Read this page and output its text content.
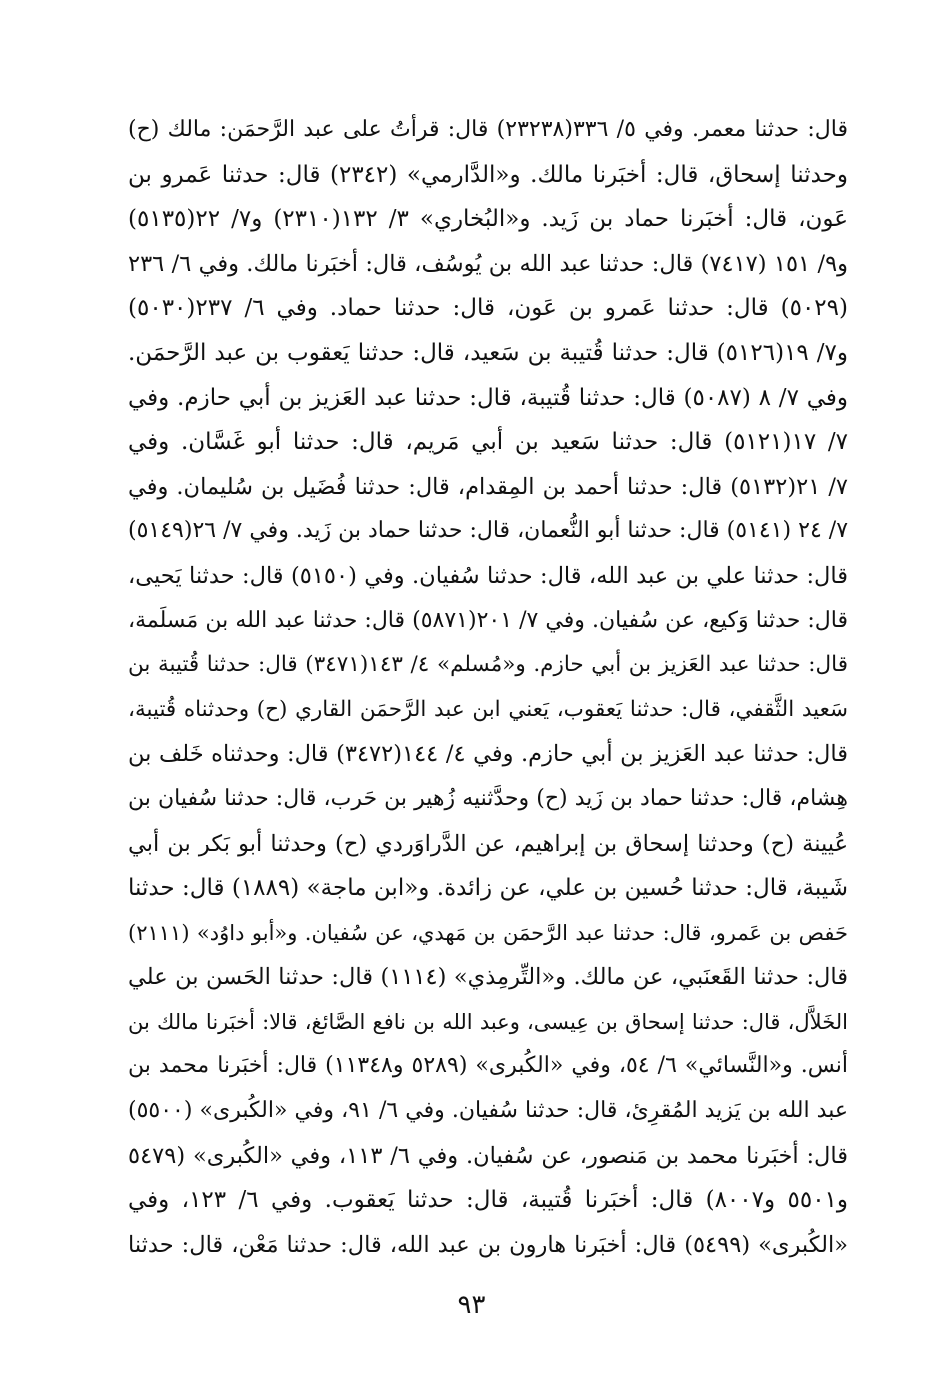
قال: حدثنا معمر. وفي ٥/ ٣٣٦(٢٣٢٣٨) قال: قرأتُ على عبد الرَّحمَن: مالك (ح)
وحدثنا إسحاق، قال: أخبَرنا مالك. و«الدَّارمي» (٢٣٤٢) قال: حدثنا عَمرو بن
عَون، قال: أخبَرنا حماد بن زَيد. و«البُخاري» ٣/ ١٣٢(٢٣١٠) و٧/ ٢٢(٥١٣٥)
و٩/ ١٥١ (٧٤١٧) قال: حدثنا عبد الله بن يُوسُف، قال: أخبَرنا مالك. وفي ٦/ ٢٣٦
(٥٠٢٩) قال: حدثنا عَمرو بن عَون، قال: حدثنا حماد. وفي ٦/ ٢٣٧(٥٠٣٠)
و٧/ ١٩(٥١٢٦) قال: حدثنا قُتيبة بن سَعيد، قال: حدثنا يَعقوب بن عبد الرَّحمَن.
وفي ٧/ ٨ (٥٠٨٧) قال: حدثنا قُتيبة، قال: حدثنا عبد العَزيز بن أبي حازم. وفي
٧/ ١٧(٥١٢١) قال: حدثنا سَعيد بن أبي مَريم، قال: حدثنا أبو غَسَّان. وفي
٧/ ٢١(٥١٣٢) قال: حدثنا أحمد بن المِقدام، قال: حدثنا فُضَيل بن سُليمان. وفي
٧/ ٢٤ (٥١٤١) قال: حدثنا أبو النُّعمان، قال: حدثنا حماد بن زَيد. وفي ٧/ ٢٦(٥١٤٩)
قال: حدثنا علي بن عبد الله، قال: حدثنا سُفيان. وفي (٥١٥٠) قال: حدثنا يَحيى،
قال: حدثنا وَكيع، عن سُفيان. وفي ٧/ ٢٠١(٥٨٧١) قال: حدثنا عبد الله بن مَسلَمة،
قال: حدثنا عبد العَزيز بن أبي حازم. و«مُسلم» ٤/ ١٤٣(٣٤٧١) قال: حدثنا قُتيبة بن
سَعيد الثَّقفي، قال: حدثنا يَعقوب، يَعني ابن عبد الرَّحمَن القاري (ح) وحدثناه قُتيبة،
قال: حدثنا عبد العَزيز بن أبي حازم. وفي ٤/ ١٤٤(٣٤٧٢) قال: وحدثناه خَلف بن
هِشام، قال: حدثنا حماد بن زَيد (ح) وحدَّثنيه زُهير بن حَرب، قال: حدثنا سُفيان بن
عُيينة (ح) وحدثنا إسحاق بن إبراهيم، عن الدَّراوَردي (ح) وحدثنا أبو بَكر بن أبي
شَيبة، قال: حدثنا حُسين بن علي، عن زائدة. و«ابن ماجة» (١٨٨٩) قال: حدثنا
حَفص بن عَمرو، قال: حدثنا عبد الرَّحمَن بن مَهدي، عن سُفيان. و«أبو داوُد» (٢١١١)
قال: حدثنا القَعنَبي، عن مالك. و«التِّرمِذي» (١١١٤) قال: حدثنا الحَسن بن علي
الخَلاَّل، قال: حدثنا إسحاق بن عِيسى، وعبد الله بن نافع الصَّائغ، قالا: أخبَرنا مالك بن
أنس. و«النَّسائي» ٦/ ٥٤، وفي «الكُبرى» (٥٢٨٩ و١١٣٤٨) قال: أخبَرنا محمد بن
عبد الله بن يَزيد المُقرِئ، قال: حدثنا سُفيان. وفي ٦/ ٩١، وفي «الكُبرى» (٥٥٠٠)
قال: أخبَرنا محمد بن مَنصور، عن سُفيان. وفي ٦/ ١١٣، وفي «الكُبرى» (٥٤٧٩
و٥٥٠١ و٨٠٠٧) قال: أخبَرنا قُتيبة، قال: حدثنا يَعقوب. وفي ٦/ ١٢٣، وفي
«الكُبرى» (٥٤٩٩) قال: أخبَرنا هارون بن عبد الله، قال: حدثنا مَعْن، قال: حدثنا
٩٣
